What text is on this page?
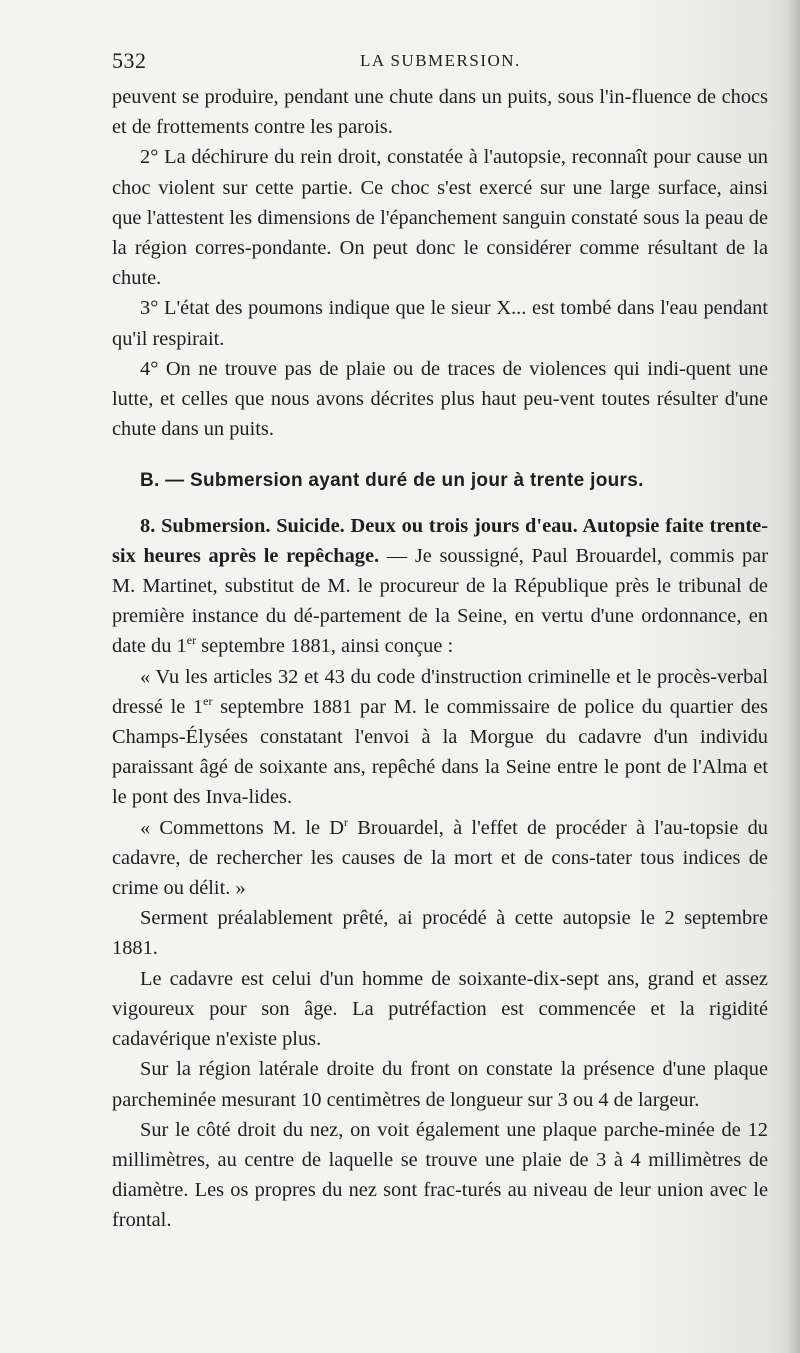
532	LA SUBMERSION.

peuvent se produire, pendant une chute dans un puits, sous l'in-fluence de chocs et de frottements contre les parois.

2° La déchirure du rein droit, constatée à l'autopsie, reconnaît pour cause un choc violent sur cette partie. Ce choc s'est exercé sur une large surface, ainsi que l'attestent les dimensions de l'épanchement sanguin constaté sous la peau de la région corres-pondante. On peut donc le considérer comme résultant de la chute.

3° L'état des poumons indique que le sieur X... est tombé dans l'eau pendant qu'il respirait.

4° On ne trouve pas de plaie ou de traces de violences qui indi-quent une lutte, et celles que nous avons décrites plus haut peu-vent toutes résulter d'une chute dans un puits.

B. — Submersion ayant duré de un jour à trente jours.

8. Submersion. Suicide. Deux ou trois jours d'eau. Autopsie faite trente-six heures après le repêchage. — Je soussigné, Paul Brouardel, commis par M. Martinet, substitut de M. le procureur de la République près le tribunal de première instance du dé-partement de la Seine, en vertu d'une ordonnance, en date du 1er septembre 1881, ainsi conçue :

« Vu les articles 32 et 43 du code d'instruction criminelle et le procès-verbal dressé le 1er septembre 1881 par M. le commissaire de police du quartier des Champs-Élysées constatant l'envoi à la Morgue du cadavre d'un individu paraissant âgé de soixante ans, repêché dans la Seine entre le pont de l'Alma et le pont des Inva-lides.

« Commettons M. le $D^r$ Brouardel, à l'effet de procéder à l'au-topsie du cadavre, de rechercher les causes de la mort et de cons-tater tous indices de crime ou délit. »

Serment préalablement prêté, ai procédé à cette autopsie le 2 septembre 1881.

Le cadavre est celui d'un homme de soixante-dix-sept ans, grand et assez vigoureux pour son âge. La putréfaction est commencée et la rigidité cadavérique n'existe plus.

Sur la région latérale droite du front on constate la présence d'une plaque parcheminée mesurant 10 centimètres de longueur sur 3 ou 4 de largeur.

Sur le côté droit du nez, on voit également une plaque parche-minée de 12 millimètres, au centre de laquelle se trouve une plaie de 3 à 4 millimètres de diamètre. Les os propres du nez sont frac-turés au niveau de leur union avec le frontal.
